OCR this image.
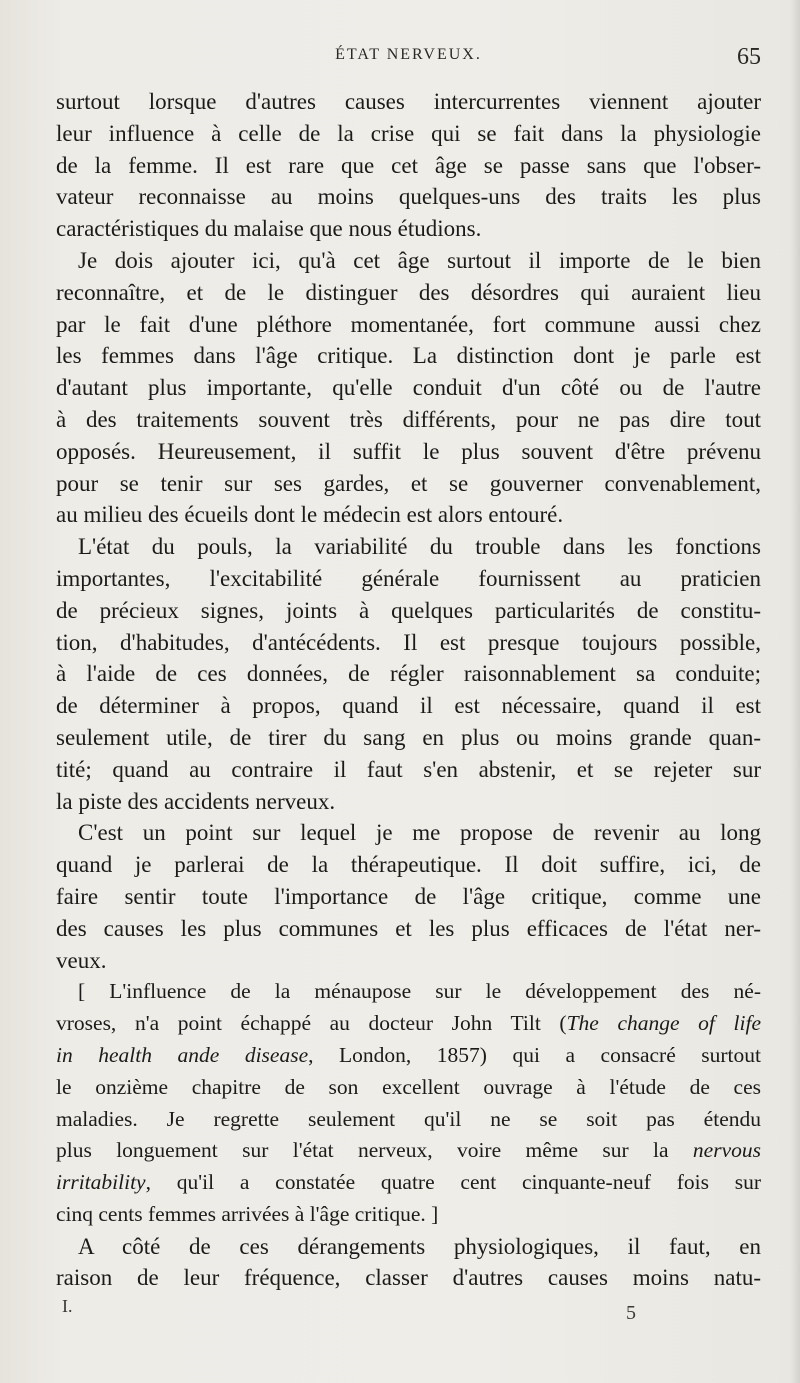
ÉTAT NERVEUX.	65
surtout lorsque d'autres causes intercurrentes viennent ajouter
leur influence à celle de la crise qui se fait dans la physiologie
de la femme. Il est rare que cet âge se passe sans que l'obser-
vateur reconnaisse au moins quelques-uns des traits les plus
caractéristiques du malaise que nous étudions.
Je dois ajouter ici, qu'à cet âge surtout il importe de le bien
reconnaître, et de le distinguer des désordres qui auraient lieu
par le fait d'une pléthore momentanée, fort commune aussi chez
les femmes dans l'âge critique. La distinction dont je parle est
d'autant plus importante, qu'elle conduit d'un côté ou de l'autre
à des traitements souvent très différents, pour ne pas dire tout
opposés. Heureusement, il suffit le plus souvent d'être prévenu
pour se tenir sur ses gardes, et se gouverner convenablement,
au milieu des écueils dont le médecin est alors entouré.
L'état du pouls, la variabilité du trouble dans les fonctions
importantes, l'excitabilité générale fournissent au praticien
de précieux signes, joints à quelques particularités de constitu-
tion, d'habitudes, d'antécédents. Il est presque toujours possible,
à l'aide de ces données, de régler raisonnablement sa conduite;
de déterminer à propos, quand il est nécessaire, quand il est
seulement utile, de tirer du sang en plus ou moins grande quan-
tité; quand au contraire il faut s'en abstenir, et se rejeter sur
la piste des accidents nerveux.
C'est un point sur lequel je me propose de revenir au long
quand je parlerai de la thérapeutique. Il doit suffire, ici, de
faire sentir toute l'importance de l'âge critique, comme une
des causes les plus communes et les plus efficaces de l'état ner-
veux.
[ L'influence de la ménaupose sur le développement des né-
vroses, n'a point échappé au docteur John Tilt (The change of life
in health ande disease, London, 1857) qui a consacré surtout
le onzième chapitre de son excellent ouvrage à l'étude de ces
maladies. Je regrette seulement qu'il ne se soit pas étendu
plus longuement sur l'état nerveux, voire même sur la nervous
irritability, qu'il a constatée quatre cent cinquante-neuf fois sur
cinq cents femmes arrivées à l'âge critique. ]
A côté de ces dérangements physiologiques, il faut, en
raison de leur fréquence, classer d'autres causes moins natu-
I.	5
